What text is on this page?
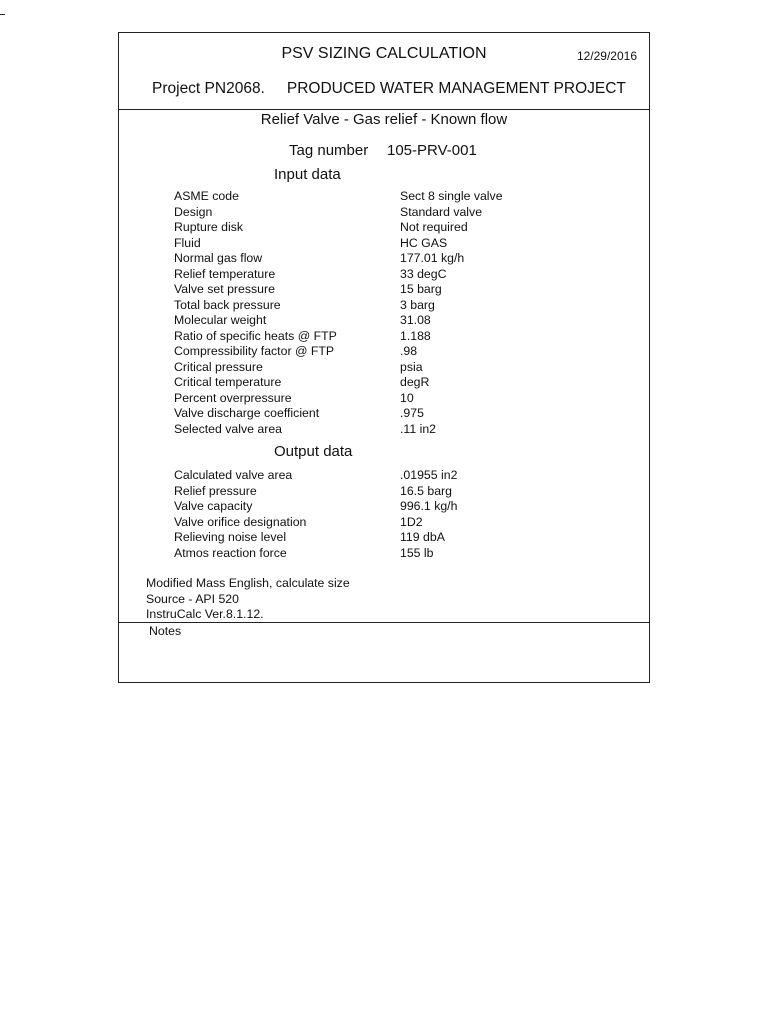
PSV SIZING CALCULATION	12/29/2016
Project PN2068. PRODUCED WATER MANAGEMENT PROJECT
Relief Valve - Gas relief - Known flow
Tag number 105-PRV-001
Input data
ASME code	Sect 8 single valve
Design	Standard valve
Rupture disk	Not required
Fluid	HC GAS
Normal gas flow	177.01 kg/h
Relief temperature	33 degC
Valve set pressure	15 barg
Total back pressure	3 barg
Molecular weight	31.08
Ratio of specific heats @ FTP	1.188
Compressibility factor @ FTP	.98
Critical pressure	psia
Critical temperature	degR
Percent overpressure	10
Valve discharge coefficient	.975
Selected valve area	.11 in2
Output data
Calculated valve area	.01955 in2
Relief pressure	16.5 barg
Valve capacity	996.1 kg/h
Valve orifice designation	1D2
Relieving noise level	119 dbA
Atmos reaction force	155 lb
Modified Mass English, calculate size
Source - API 520
InstruCalc Ver.8.1.12.
Notes
